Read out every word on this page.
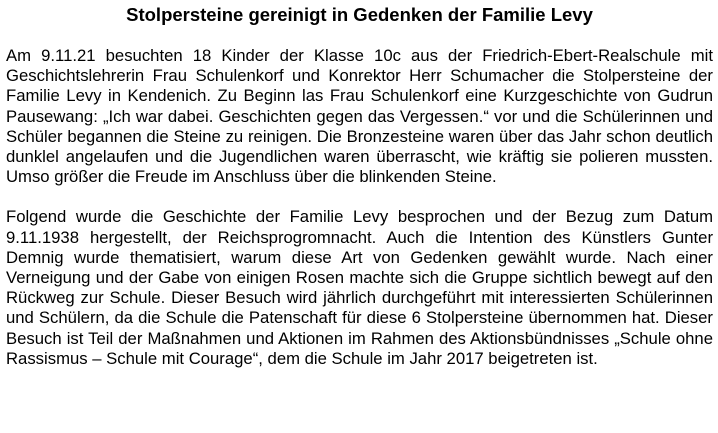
Stolpersteine gereinigt in Gedenken der Familie Levy

Am 9.11.21 besuchten 18 Kinder der Klasse 10c aus der Friedrich-Ebert-Realschule mit Geschichtslehrerin Frau Schulenkorf und Konrektor Herr Schumacher die Stolpersteine der Familie Levy in Kendenich. Zu Beginn las Frau Schulenkorf eine Kurzgeschichte von Gudrun Pausewang: „Ich war dabei. Geschichten gegen das Vergessen.“ vor und die Schülerinnen und Schüler begannen die Steine zu reinigen. Die Bronzesteine waren über das Jahr schon deutlich dunklel angelaufen und die Jugendlichen waren überrascht, wie kräftig sie polieren mussten. Umso größer die Freude im Anschluss über die blinkenden Steine.

Folgend wurde die Geschichte der Familie Levy besprochen und der Bezug zum Datum 9.11.1938 hergestellt, der Reichsprogromnacht. Auch die Intention des Künstlers Gunter Demnig wurde thematisiert, warum diese Art von Gedenken gewählt wurde. Nach einer Verneigung und der Gabe von einigen Rosen machte sich die Gruppe sichtlich bewegt auf den Rückweg zur Schule. Dieser Besuch wird jährlich durchgeführt mit interessierten Schülerinnen und Schülern, da die Schule die Patenschaft für diese 6 Stolpersteine übernommen hat. Dieser Besuch ist Teil der Maßnahmen und Aktionen im Rahmen des Aktionsbündnisses „Schule ohne Rassismus – Schule mit Courage“, dem die Schule im Jahr 2017 beigetreten ist.
